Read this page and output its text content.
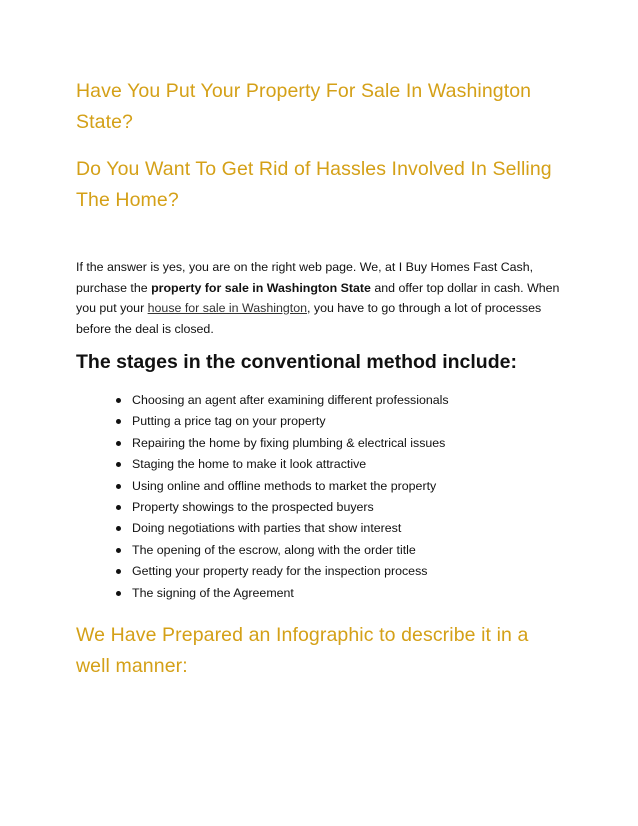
Have You Put Your Property For Sale In Washington State?
Do You Want To Get Rid of Hassles Involved In Selling The Home?

If the answer is yes, you are on the right web page. We, at I Buy Homes Fast Cash, purchase the property for sale in Washington State and offer top dollar in cash. When you put your house for sale in Washington, you have to go through a lot of processes before the deal is closed.

The stages in the conventional method include:
Choosing an agent after examining different professionals
Putting a price tag on your property
Repairing the home by fixing plumbing & electrical issues
Staging the home to make it look attractive
Using online and offline methods to market the property
Property showings to the prospected buyers
Doing negotiations with parties that show interest
The opening of the escrow, along with the order title
Getting your property ready for the inspection process
The signing of the Agreement
We Have Prepared an Infographic to describe it in a well manner:
